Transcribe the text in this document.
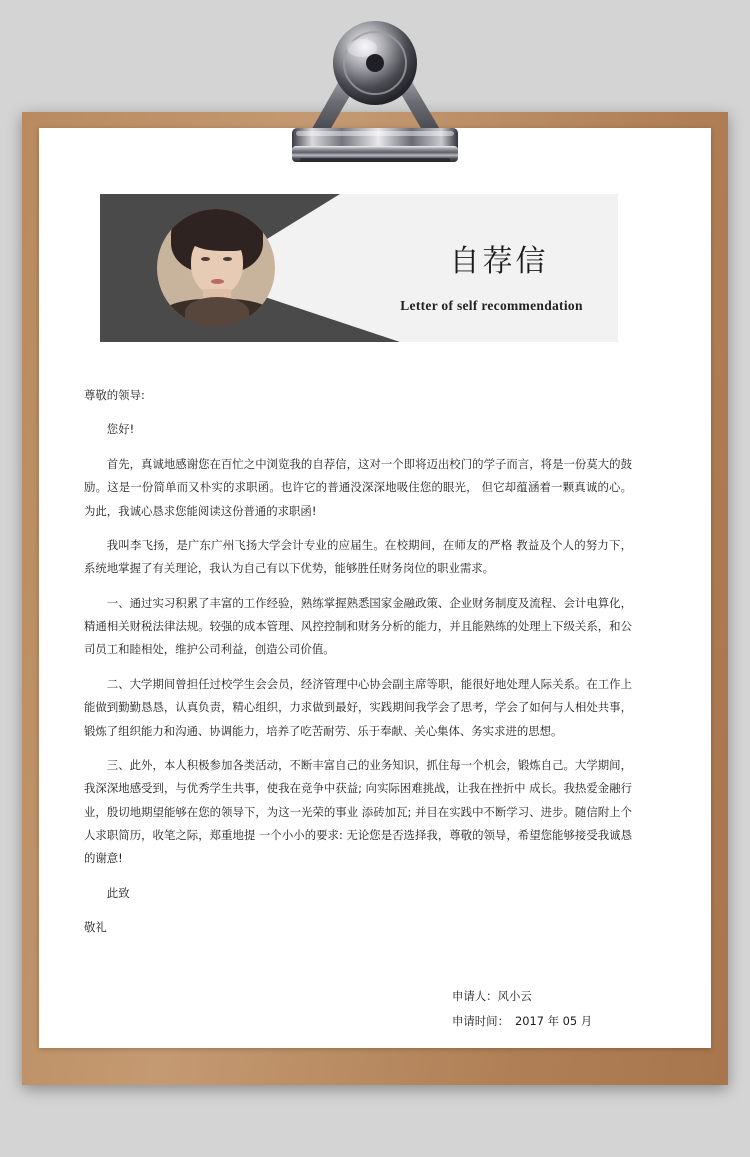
自荐信
Letter of self recommendation

尊敬的领导:

您好!

首先，真诚地感谢您在百忙之中浏览我的自荐信，这对一个即将迈出校门的学子而言，将是一份莫大的鼓励。这是一份简单而又朴实的求职函。也许它的普通没深深地吸住您的眼光， 但它却蕴涵着一颗真诚的心。为此，我诚心恳求您能阅读这份普通的求职函!

我叫李飞扬，是广东广州飞扬大学会计专业的应届生。在校期间，在师友的严格 教益及个人的努力下，系统地掌握了有关理论，我认为自己有以下优势，能够胜任财务岗位的职业需求。

一、通过实习积累了丰富的工作经验，熟练掌握熟悉国家金融政策、企业财务制度及流程、会计电算化，精通相关财税法律法规。较强的成本管理、风控控制和财务分析的能力，并且能熟练的处理上下级关系，和公司员工和睦相处，维护公司利益，创造公司价值。

二、大学期间曾担任过校学生会会员，经济管理中心协会副主席等职，能很好地处理人际关系。在工作上能做到勤勤恳恳，认真负责，精心组织，力求做到最好，实践期间我学会了思考，学会了如何与人相处共事，锻炼了组织能力和沟通、协调能力，培养了吃苦耐劳、乐于奉献、关心集体、务实求进的思想。

三、此外，本人积极参加各类活动，不断丰富自己的业务知识，抓住每一个机会，锻炼自己。大学期间，我深深地感受到，与优秀学生共事，使我在竞争中获益; 向实际困难挑战，让我在挫折中 成长。我热爱金融行业，殷切地期望能够在您的领导下，为这一光荣的事业 添砖加瓦; 并目在实践中不断学习、进步。随信附上个人求职简历，收笔之际，郑重地提 一个小小的要求: 无论您是否选择我，尊敬的领导，希望您能够接受我诚恳的谢意!

此致

敬礼

申请人：风小云
申请时间： 2017 年 05 月
